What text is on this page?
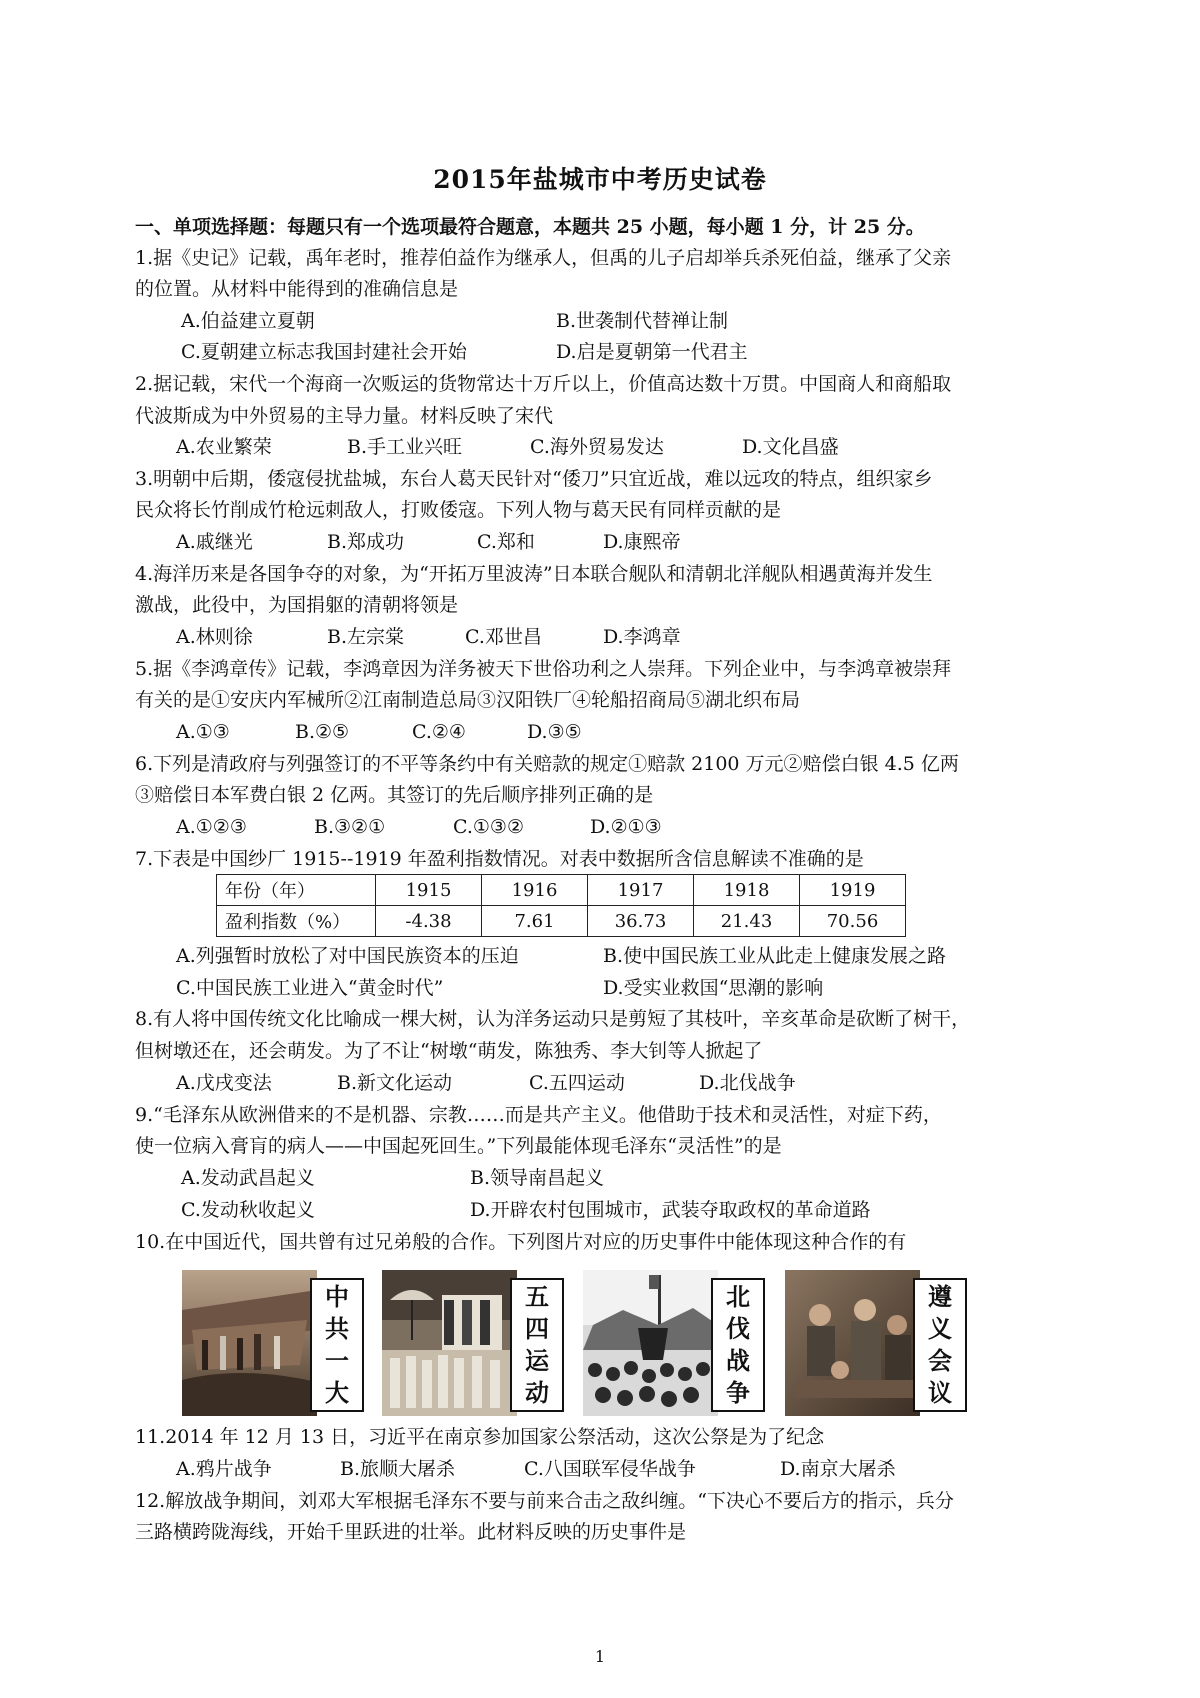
2015年盐城市中考历史试卷
一、单项选择题：每题只有一个选项最符合题意，本题共 25 小题，每小题 1 分，计 25 分。
1.据《史记》记载，禹年老时，推荐伯益作为继承人，但禹的儿子启却举兵杀死伯益，继承了父亲
的位置。从材料中能得到的准确信息是
A.伯益建立夏朝	B.世袭制代替禅让制
C.夏朝建立标志我国封建社会开始	D.启是夏朝第一代君主
2.据记载，宋代一个海商一次贩运的货物常达十万斤以上，价值高达数十万贯。中国商人和商船取
代波斯成为中外贸易的主导力量。材料反映了宋代
A.农业繁荣	B.手工业兴旺	C.海外贸易发达	D.文化昌盛
3.明朝中后期，倭寇侵扰盐城，东台人葛天民针对“倭刀”只宜近战，难以远攻的特点，组织家乡
民众将长竹削成竹枪远刺敌人，打败倭寇。下列人物与葛天民有同样贡献的是
A.戚继光	B.郑成功	C.郑和	D.康熙帝
4.海洋历来是各国争夺的对象，为“开拓万里波涛”日本联合舰队和清朝北洋舰队相遇黄海并发生
激战，此役中，为国捐躯的清朝将领是
A.林则徐	B.左宗棠	C.邓世昌	D.李鸿章
5.据《李鸿章传》记载，李鸿章因为洋务被天下世俗功利之人崇拜。下列企业中，与李鸿章被崇拜
有关的是①安庆内军械所②江南制造总局③汉阳铁厂④轮船招商局⑤湖北织布局
A.①③	B.②⑤	C.②④	D.③⑤
6.下列是清政府与列强签订的不平等条约中有关赔款的规定①赔款 2100 万元②赔偿白银 4.5 亿两
③赔偿日本军费白银 2 亿两。其签订的先后顺序排列正确的是
A.①②③	B.③②①	C.①③②	D.②①③
7.下表是中国纱厂 1915--1919 年盈利指数情况。对表中数据所含信息解读不准确的是
年份（年）	1915	1916	1917	1918	1919
盈利指数（%）	-4.38	7.61	36.73	21.43	70.56
A.列强暂时放松了对中国民族资本的压迫	B.使中国民族工业从此走上健康发展之路
C.中国民族工业进入“黄金时代”	D.受实业救国“思潮的影响
8.有人将中国传统文化比喻成一棵大树，认为洋务运动只是剪短了其枝叶，辛亥革命是砍断了树干，
但树墩还在，还会萌发。为了不让“树墩“萌发，陈独秀、李大钊等人掀起了
A.戊戌变法	B.新文化运动	C.五四运动	D.北伐战争
9.“毛泽东从欧洲借来的不是机器、宗教……而是共产主义。他借助于技术和灵活性，对症下药，
使一位病入膏肓的病人——中国起死回生。”下列最能体现毛泽东“灵活性”的是
A.发动武昌起义	B.领导南昌起义
C.发动秋收起义	D.开辟农村包围城市，武装夺取政权的革命道路
10.在中国近代，国共曾有过兄弟般的合作。下列图片对应的历史事件中能体现这种合作的有
中
共
一
大
五
四
运
动
北
伐
战
争
遵
义
会
议
11.2014 年 12 月 13 日，习近平在南京参加国家公祭活动，这次公祭是为了纪念
A.鸦片战争	B.旅顺大屠杀	C.八国联军侵华战争	D.南京大屠杀
12.解放战争期间，刘邓大军根据毛泽东不要与前来合击之敌纠缠。“下决心不要后方的指示，兵分
三路横跨陇海线，开始千里跃进的壮举。此材料反映的历史事件是
1
